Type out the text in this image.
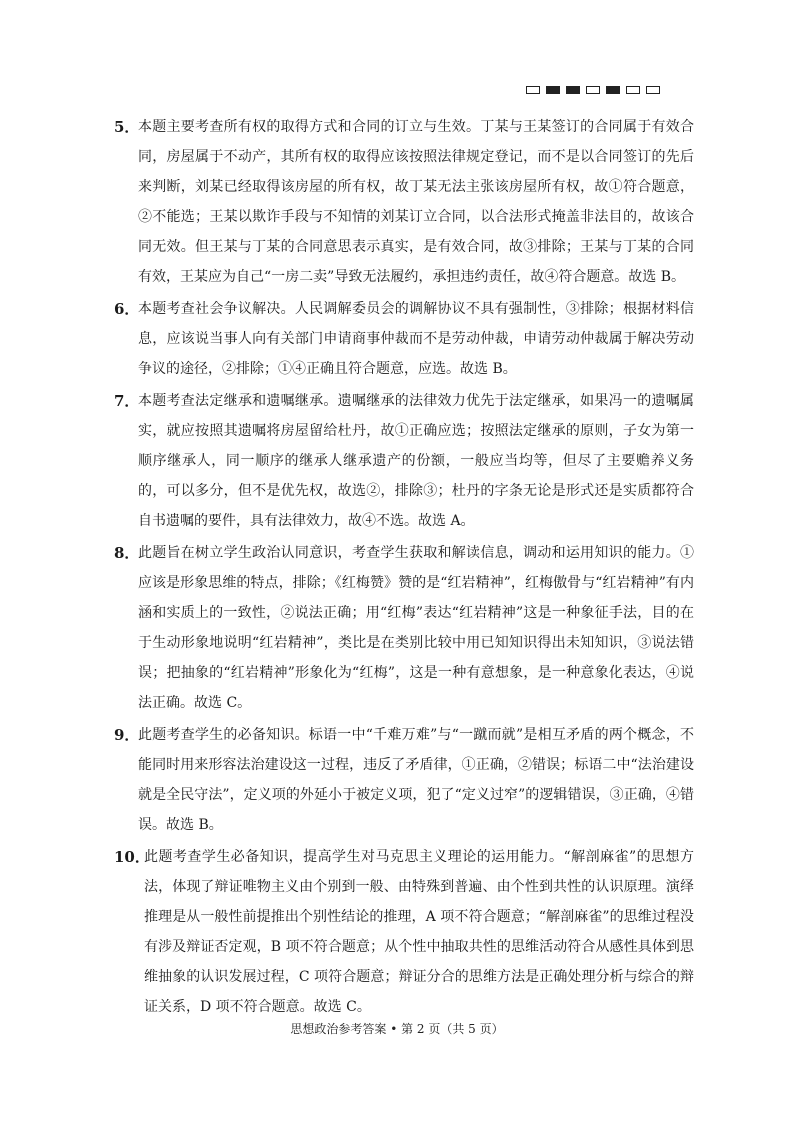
5．
本题主要考查所有权的取得方式和合同的订立与生效。丁某与王某签订的合同属于有效合同，房屋属于不动产，其所有权的取得应该按照法律规定登记，而不是以合同签订的先后来判断，刘某已经取得该房屋的所有权，故丁某无法主张该房屋所有权，故①符合题意，②不能选；王某以欺诈手段与不知情的刘某订立合同，以合法形式掩盖非法目的，故该合同无效。但王某与丁某的合同意思表示真实，是有效合同，故③排除；王某与丁某的合同有效，王某应为自己“一房二卖”导致无法履约，承担违约责任，故④符合题意。故选 B。
6．
本题考查社会争议解决。人民调解委员会的调解协议不具有强制性，③排除；根据材料信息，应该说当事人向有关部门申请商事仲裁而不是劳动仲裁，申请劳动仲裁属于解决劳动争议的途径，②排除；①④正确且符合题意，应选。故选 B。
7．
本题考查法定继承和遗嘱继承。遗嘱继承的法律效力优先于法定继承，如果冯一的遗嘱属实，就应按照其遗嘱将房屋留给杜丹，故①正确应选；按照法定继承的原则，子女为第一顺序继承人，同一顺序的继承人继承遗产的份额，一般应当均等，但尽了主要赡养义务的，可以多分，但不是优先权，故选②，排除③；杜丹的字条无论是形式还是实质都符合自书遗嘱的要件，具有法律效力，故④不选。故选 A。
8．
此题旨在树立学生政治认同意识，考查学生获取和解读信息，调动和运用知识的能力。①应该是形象思维的特点，排除；《红梅赞》赞的是“红岩精神”，红梅傲骨与“红岩精神”有内涵和实质上的一致性，②说法正确；用“红梅”表达“红岩精神”这是一种象征手法，目的在于生动形象地说明“红岩精神”，类比是在类别比较中用已知知识得出未知知识，③说法错误；把抽象的“红岩精神”形象化为“红梅”，这是一种有意想象，是一种意象化表达，④说法正确。故选 C。
9．
此题考查学生的必备知识。标语一中“千难万难”与“一蹴而就”是相互矛盾的两个概念，不能同时用来形容法治建设这一过程，违反了矛盾律，①正确，②错误；标语二中“法治建设就是全民守法”，定义项的外延小于被定义项，犯了“定义过窄”的逻辑错误，③正确，④错误。故选 B。
10．
此题考查学生必备知识，提高学生对马克思主义理论的运用能力。“解剖麻雀”的思想方法，体现了辩证唯物主义由个别到一般、由特殊到普遍、由个性到共性的认识原理。演绎推理是从一般性前提推出个别性结论的推理，A 项不符合题意；“解剖麻雀”的思维过程没有涉及辩证否定观，B 项不符合题意；从个性中抽取共性的思维活动符合从感性具体到思维抽象的认识发展过程，C 项符合题意；辩证分合的思维方法是正确处理分析与综合的辩证关系，D 项不符合题意。故选 C。
思想政治参考答案 • 第 2 页（共 5 页）
